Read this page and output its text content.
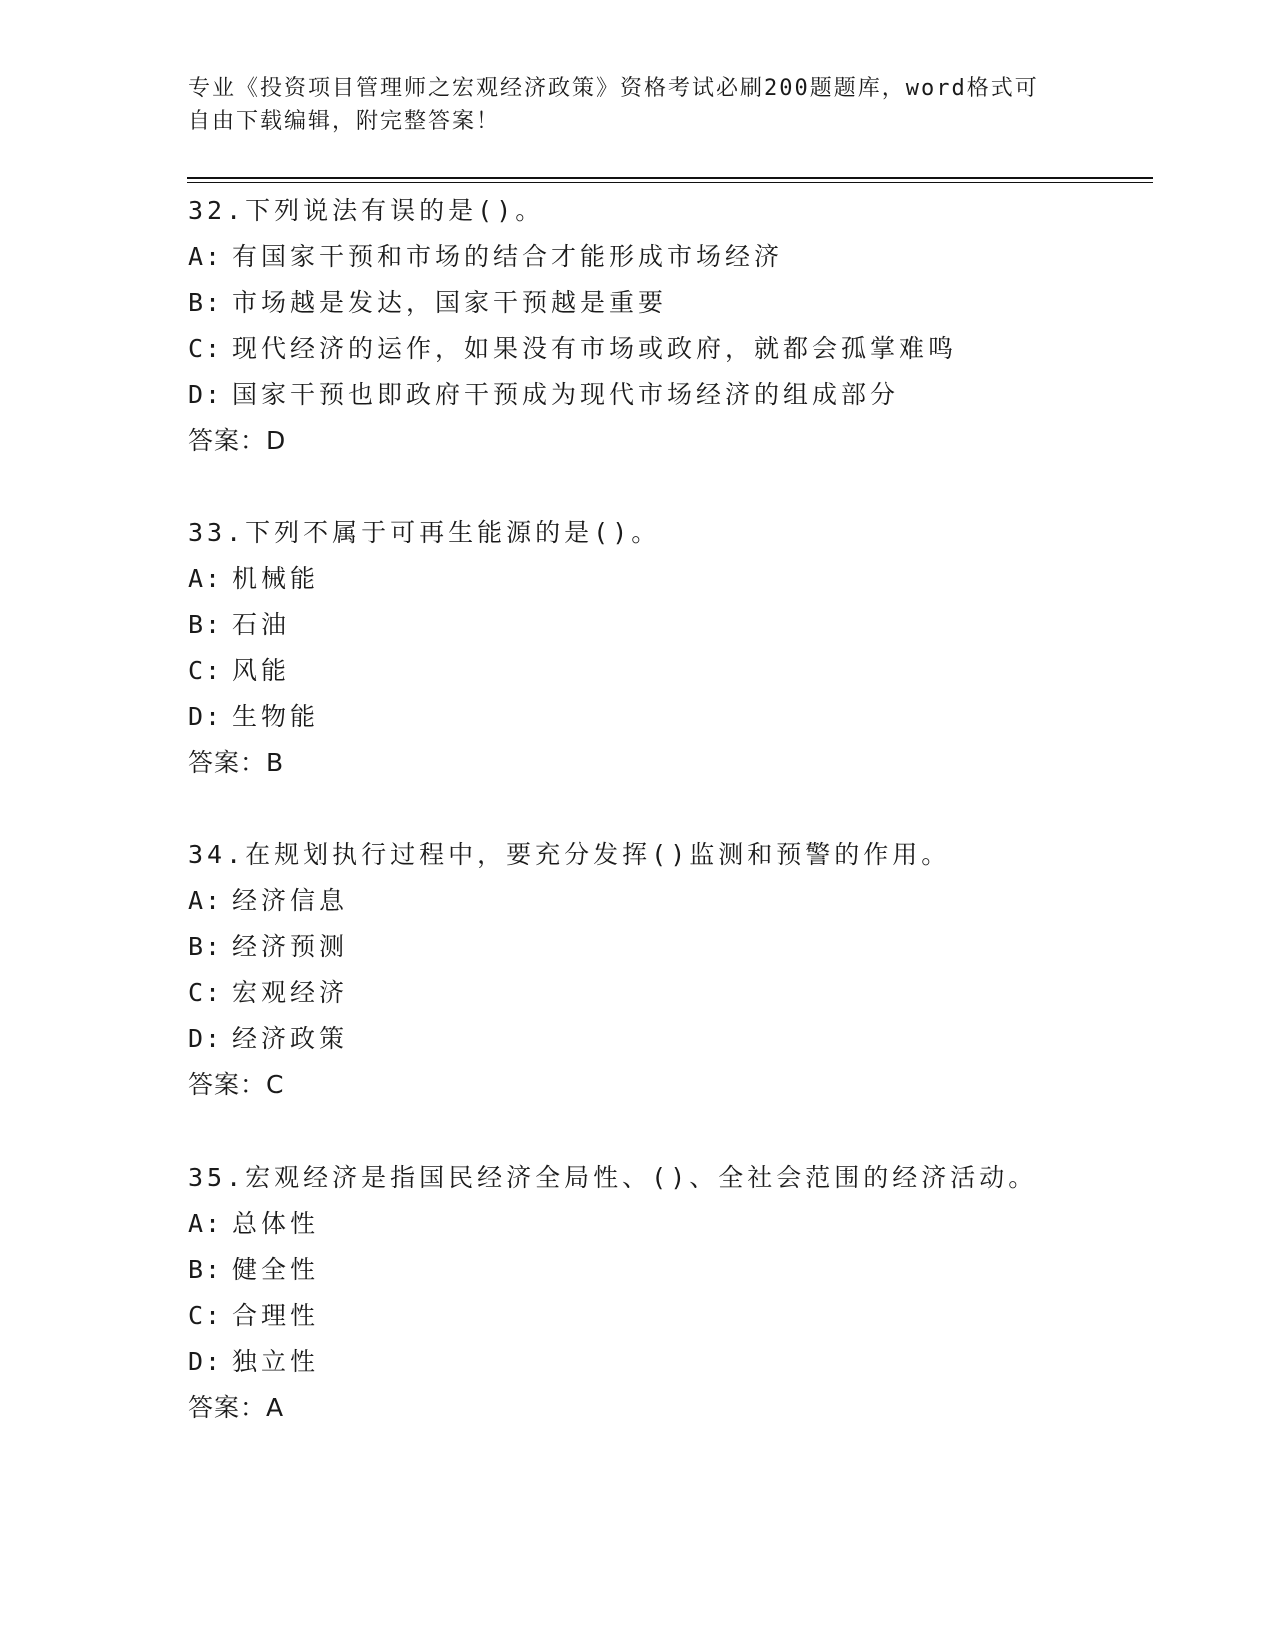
专业《投资项目管理师之宏观经济政策》资格考试必刷200题题库，word格式可
自由下载编辑，附完整答案！
32.下列说法有误的是()。
A: 有国家干预和市场的结合才能形成市场经济
B: 市场越是发达，国家干预越是重要
C: 现代经济的运作，如果没有市场或政府，就都会孤掌难鸣
D: 国家干预也即政府干预成为现代市场经济的组成部分
答案：D
33.下列不属于可再生能源的是()。
A: 机械能
B: 石油
C: 风能
D: 生物能
答案：B
34.在规划执行过程中，要充分发挥()监测和预警的作用。
A: 经济信息
B: 经济预测
C: 宏观经济
D: 经济政策
答案：C
35.宏观经济是指国民经济全局性、()、全社会范围的经济活动。
A: 总体性
B: 健全性
C: 合理性
D: 独立性
答案：A
